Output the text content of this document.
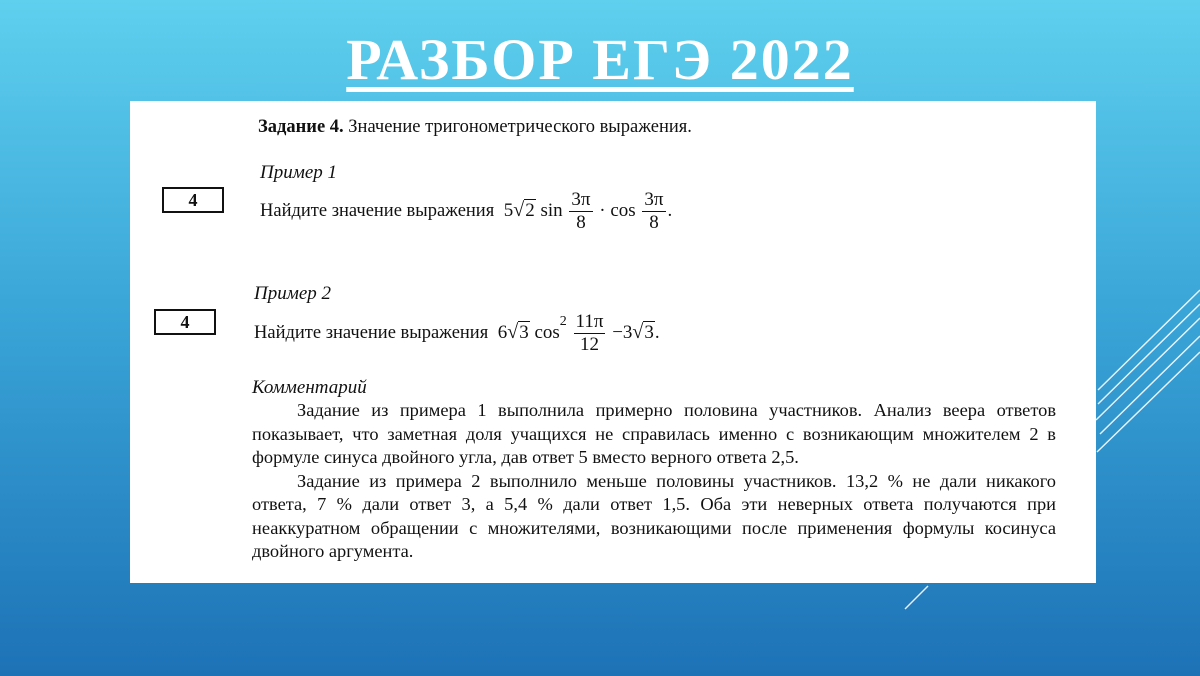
РАЗБОР ЕГЭ 2022
Задание 4. Значение тригонометрического выражения.
Пример 1
4
Найдите значение выражения 5√2 $\sin \frac{3\pi}{8} \cdot \cos \frac{3\pi}{8}$ .
Пример 2
4
Найдите значение выражения 6√3 $\cos^2 \frac{11\pi}{12} -3√3$.
Комментарий

Задание из примера 1 выполнила примерно половина участников. Анализ веера ответов показывает, что заметная доля учащихся не справилась именно с возникающим множителем 2 в формуле синуса двойного угла, дав ответ 5 вместо верного ответа 2,5.

Задание из примера 2 выполнило меньше половины участников. 13,2 % не дали никакого ответа, 7 % дали ответ 3, а 5,4 % дали ответ 1,5. Оба эти неверных ответа получаются при неаккуратном обращении с множителями, возникающими после применения формулы косинуса двойного аргумента.
